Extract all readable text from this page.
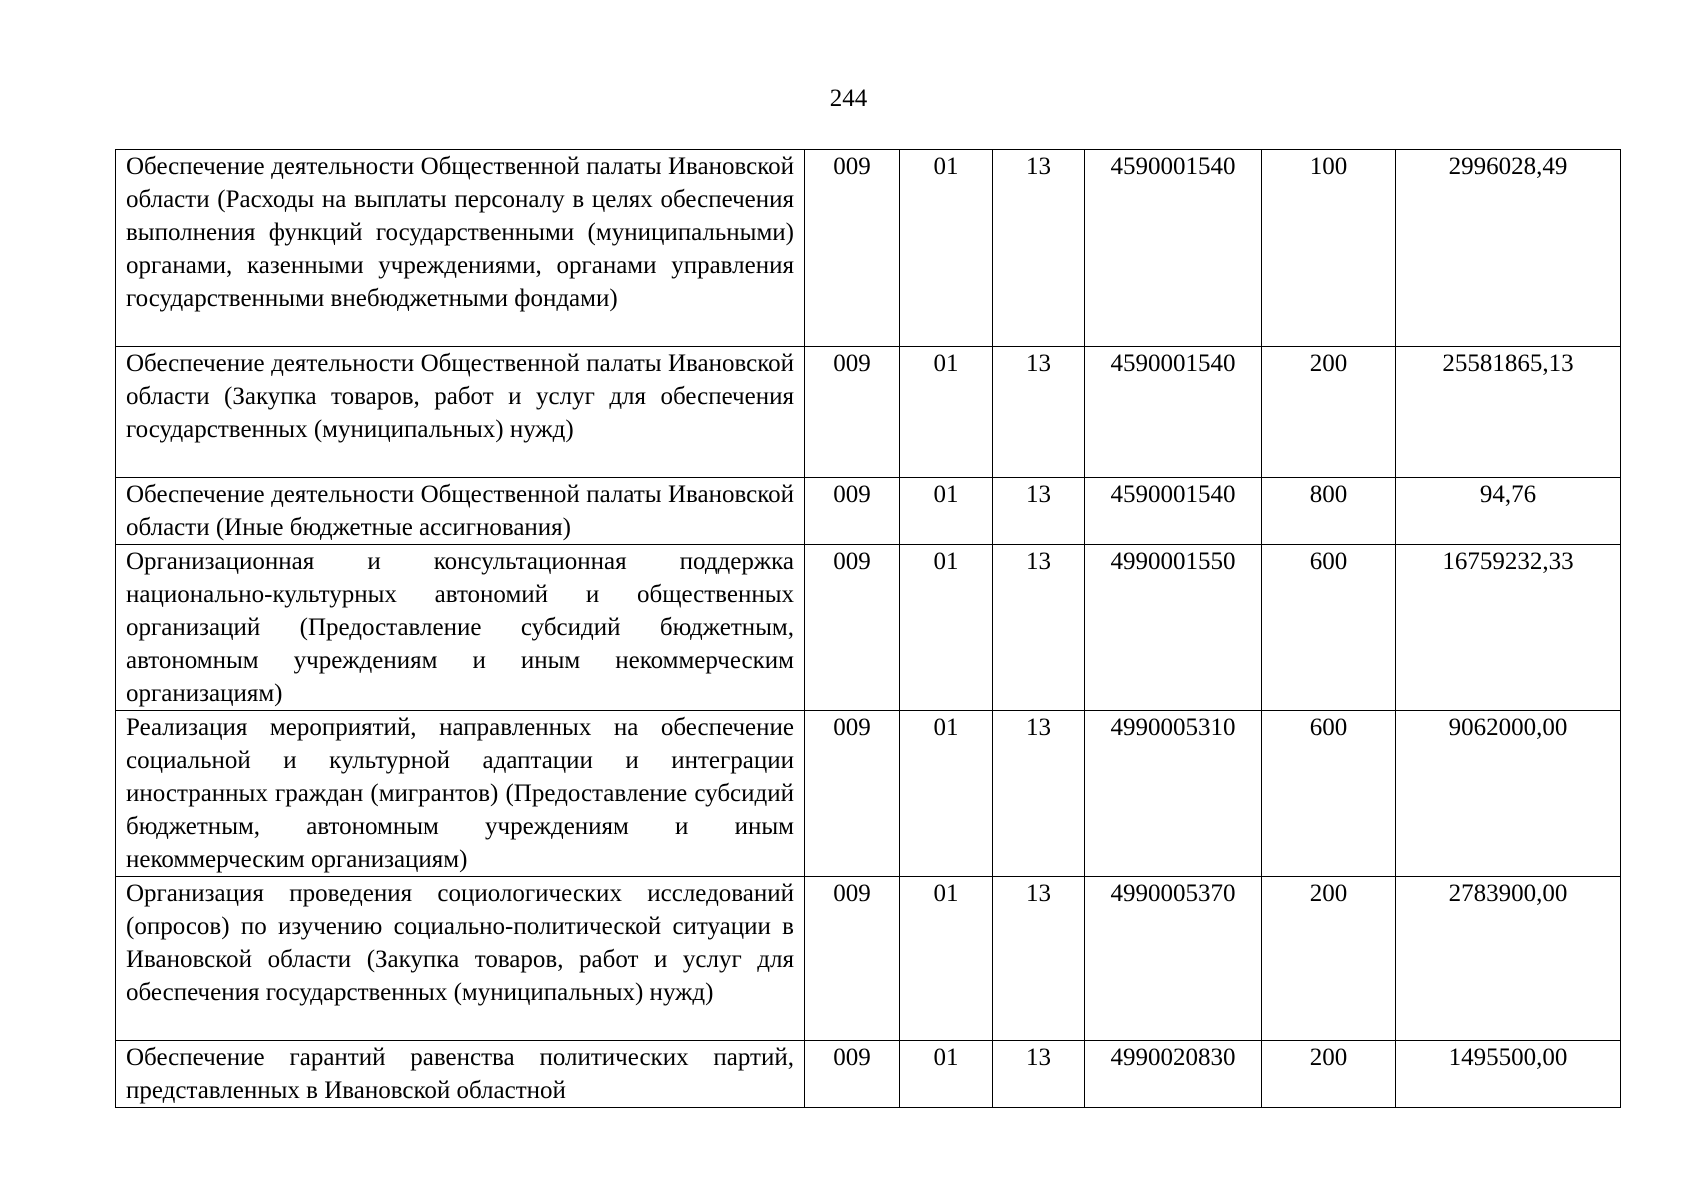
244
Обеспечение деятельности Общественной палаты Ивановской области (Расходы на выплаты персоналу в целях обеспечения выполнения функций государственными (муниципальными) органами, казенными учреждениями, органами управления государственными внебюджетными фондами)	009	01	13	4590001540	100	2996028,49
Обеспечение деятельности Общественной палаты Ивановской области (Закупка товаров, работ и услуг для обеспечения государственных (муниципальных) нужд)	009	01	13	4590001540	200	25581865,13
Обеспечение деятельности Общественной палаты Ивановской области (Иные бюджетные ассигнования)	009	01	13	4590001540	800	94,76
Организационная и консультационная поддержка национально-культурных автономий и общественных организаций (Предоставление субсидий бюджетным, автономным учреждениям и иным некоммерческим организациям)	009	01	13	4990001550	600	16759232,33
Реализация мероприятий, направленных на обеспечение социальной и культурной адаптации и интеграции иностранных граждан (мигрантов) (Предоставление субсидий бюджетным, автономным учреждениям и иным некоммерческим организациям)	009	01	13	4990005310	600	9062000,00
Организация проведения социологических исследований (опросов) по изучению социально-политической ситуации в Ивановской области (Закупка товаров, работ и услуг для обеспечения государственных (муниципальных) нужд)	009	01	13	4990005370	200	2783900,00
Обеспечение гарантий равенства политических партий, представленных в Ивановской областной	009	01	13	4990020830	200	1495500,00
